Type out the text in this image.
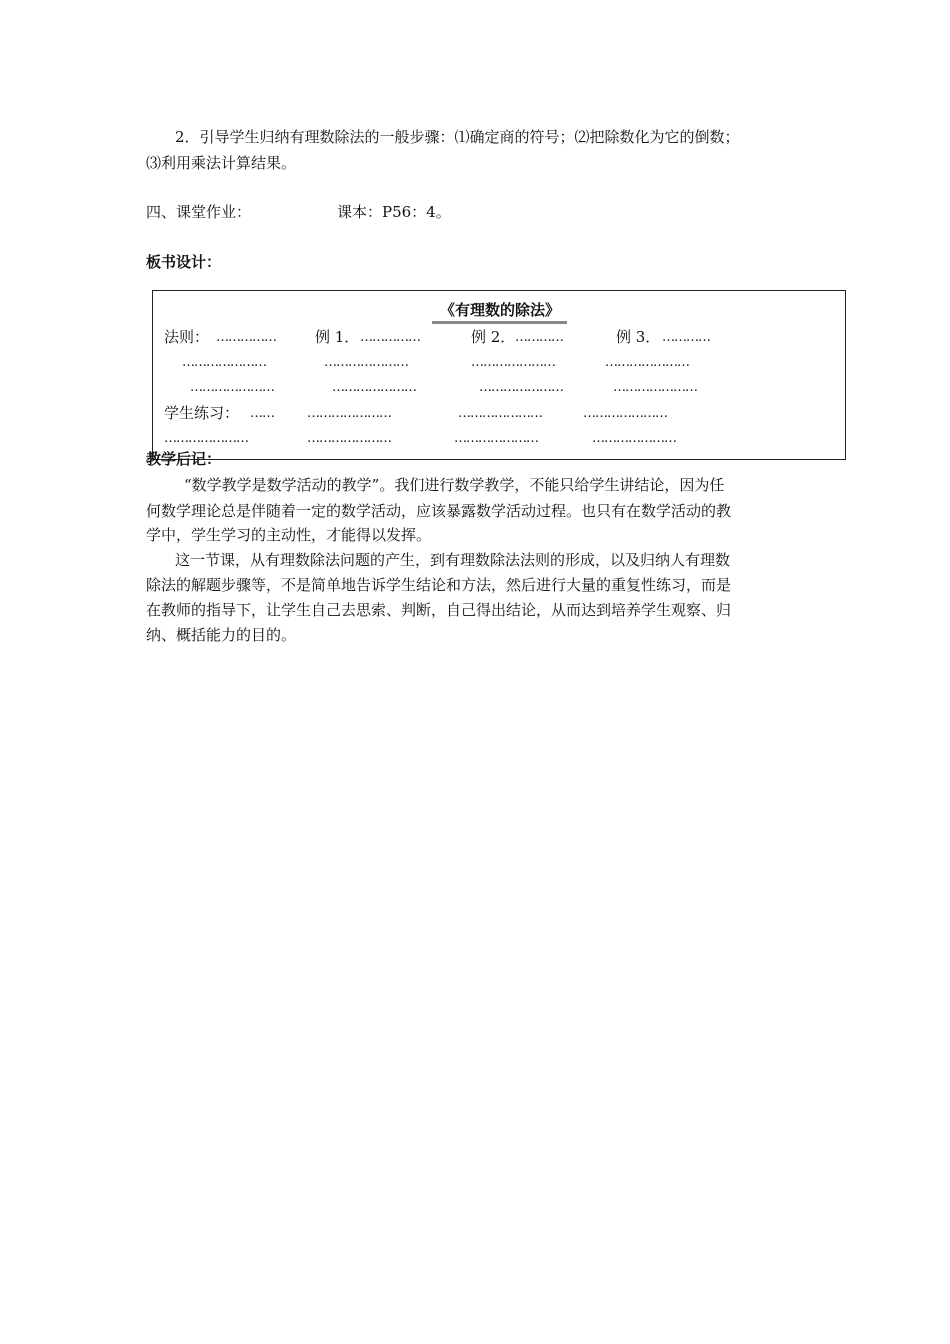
2．引导学生归纳有理数除法的一般步骤：⑴确定商的符号；⑵把除数化为它的倒数；
⑶利用乘法计算结果。
四、课堂作业：	课本：P56：4。
板书设计：
《有理数的除法》
法则： ……………	例 1． ……………	例 2． …………	例 3． …………
…………………	…………………	…………………	…………………
…………………	…………………	…………………	…………………
学生练习： ……	…………………	…………………	…………………
…………………	…………………	…………………	…………………
教学后记：
“数学教学是数学活动的教学”。我们进行数学教学，不能只给学生讲结论，因为任
何数学理论总是伴随着一定的数学活动，应该暴露数学活动过程。也只有在数学活动的教
学中，学生学习的主动性，才能得以发挥。
这一节课，从有理数除法问题的产生，到有理数除法法则的形成，以及归纳人有理数
除法的解题步骤等，不是简单地告诉学生结论和方法，然后进行大量的重复性练习，而是
在教师的指导下，让学生自己去思索、判断，自己得出结论，从而达到培养学生观察、归
纳、概括能力的目的。
